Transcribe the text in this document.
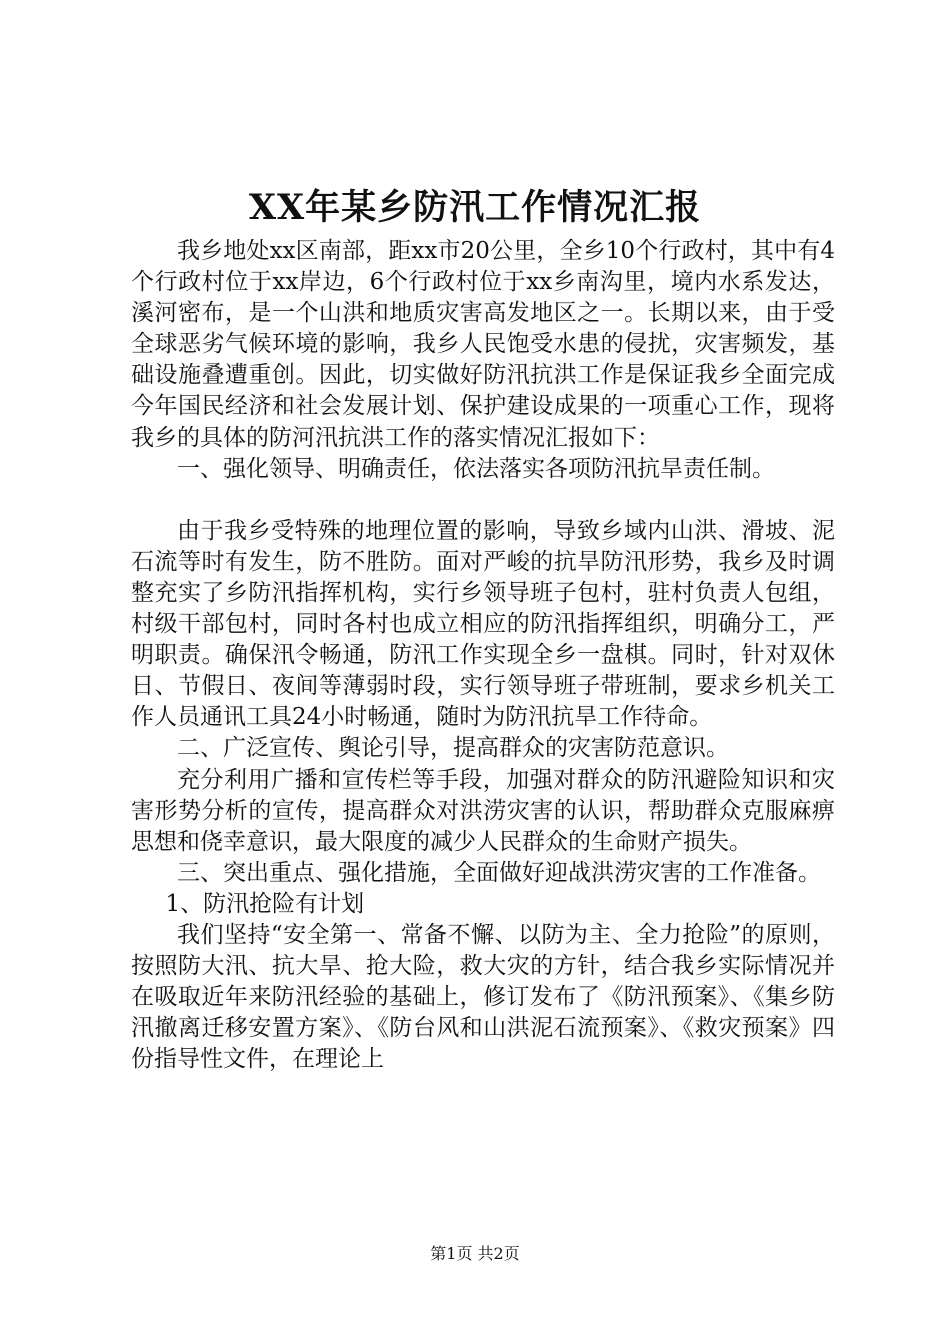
XX年某乡防汛工作情况汇报

我乡地处xx区南部，距xx市20公里，全乡10个行政村，其中有4个行政村位于xx岸边，6个行政村位于xx乡南沟里，境内水系发达，溪河密布，是一个山洪和地质灾害高发地区之一。长期以来，由于受全球恶劣气候环境的影响，我乡人民饱受水患的侵扰，灾害频发，基础设施叠遭重创。因此，切实做好防汛抗洪工作是保证我乡全面完成今年国民经济和社会发展计划、保护建设成果的一项重心工作，现将我乡的具体的防河汛抗洪工作的落实情况汇报如下：

一、强化领导、明确责任，依法落实各项防汛抗旱责任制。

由于我乡受特殊的地理位置的影响，导致乡域内山洪、滑坡、泥石流等时有发生，防不胜防。面对严峻的抗旱防汛形势，我乡及时调整充实了乡防汛指挥机构，实行乡领导班子包村，驻村负责人包组，村级干部包村，同时各村也成立相应的防汛指挥组织，明确分工，严明职责。确保汛令畅通，防汛工作实现全乡一盘棋。同时，针对双休日、节假日、夜间等薄弱时段，实行领导班子带班制，要求乡机关工作人员通讯工具24小时畅通，随时为防汛抗旱工作待命。

二、广泛宣传、舆论引导，提高群众的灾害防范意识。

充分利用广播和宣传栏等手段，加强对群众的防汛避险知识和灾害形势分析的宣传，提高群众对洪涝灾害的认识，帮助群众克服麻痹思想和侥幸意识，最大限度的减少人民群众的生命财产损失。

三、突出重点、强化措施，全面做好迎战洪涝灾害的工作准备。

1、防汛抢险有计划

我们坚持“安全第一、常备不懈、以防为主、全力抢险”的原则，按照防大汛、抗大旱、抢大险，救大灾的方针，结合我乡实际情况并在吸取近年来防汛经验的基础上，修订发布了《防汛预案》、《集乡防汛撤离迁移安置方案》、《防台风和山洪泥石流预案》、《救灾预案》四份指导性文件，在理论上

第1页 共2页
